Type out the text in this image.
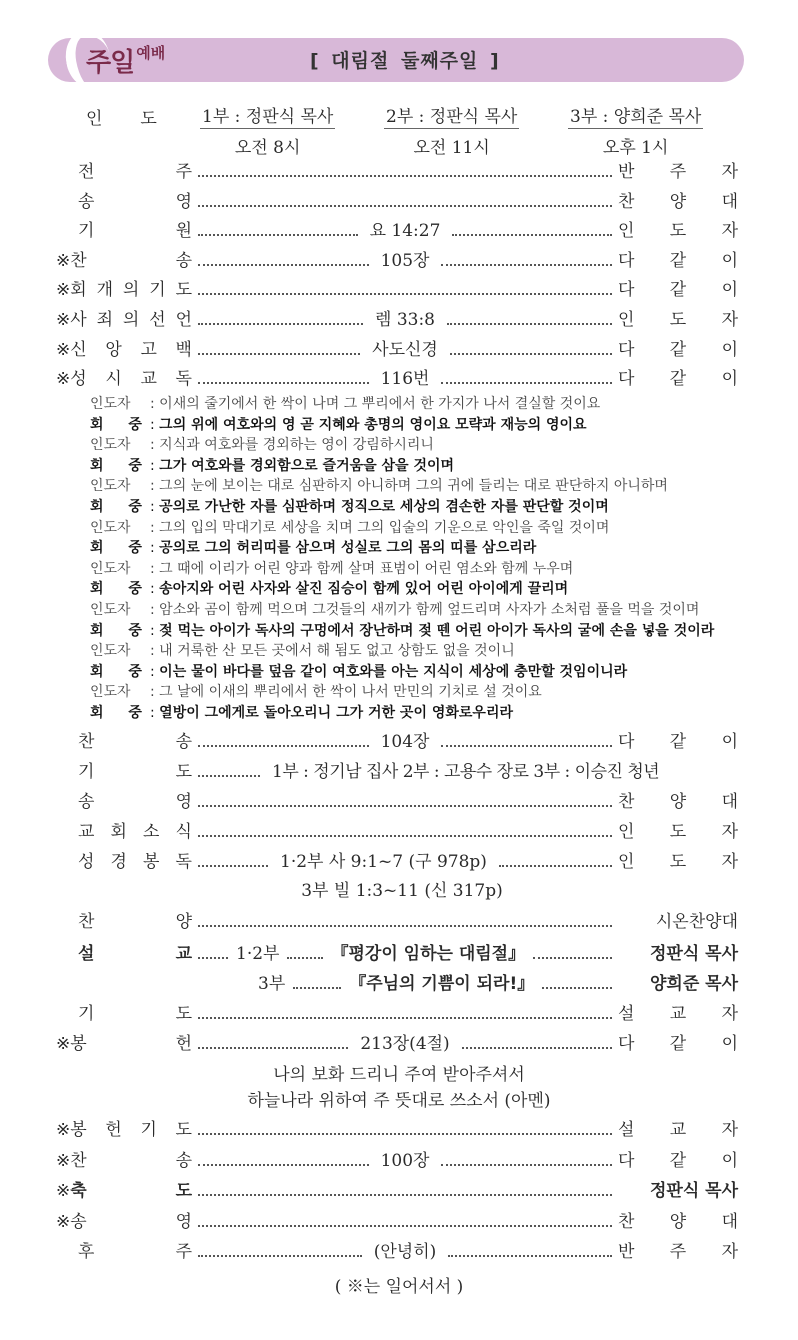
주일 예배	[ 대림절 둘째주일 ]
인도 1부 : 정판식 목사
오전 8시
2부 : 정판식 목사
오전 11시
3부 : 양희준 목사
오후 1시
전	주	반 주 자
송	영	찬 양 대
기	원	요 14:27	인 도 자
※찬	송	105장	다 같 이
※회 개 의 기 도	다 같 이
※사 죄 의 선 언	렘 33:8	인 도 자
※신 앙 고 백	사도신경	다 같 이
※성 시 교 독	116번	다 같 이
인도자 : 이새의 줄기에서 한 싹이 나며 그 뿌리에서 한 가지가 나서 결실할 것이요
회 중: 그의 위에 여호와의 영 곧 지혜와 총명의 영이요 모략과 재능의 영이요
인도자 : 지식과 여호와를 경외하는 영이 강림하시리니
회 중: 그가 여호와를 경외함으로 즐거움을 삼을 것이며
인도자 : 그의 눈에 보이는 대로 심판하지 아니하며 그의 귀에 들리는 대로 판단하지 아니하며
회 중: 공의로 가난한 자를 심판하며 정직으로 세상의 겸손한 자를 판단할 것이며
인도자 : 그의 입의 막대기로 세상을 치며 그의 입술의 기운으로 악인을 죽일 것이며
회 중: 공의로 그의 허리띠를 삼으며 성실로 그의 몸의 띠를 삼으리라
인도자 : 그 때에 이리가 어린 양과 함께 살며 표범이 어린 염소와 함께 누우며
회 중: 송아지와 어린 사자와 살진 짐승이 함께 있어 어린 아이에게 끌리며
인도자 : 암소와 곰이 함께 먹으며 그것들의 새끼가 함께 엎드리며 사자가 소처럼 풀을 먹을 것이며
회 중: 젖 먹는 아이가 독사의 구멍에서 장난하며 젖 뗀 어린 아이가 독사의 굴에 손을 넣을 것이라
인도자 : 내 거룩한 산 모든 곳에서 해 됨도 없고 상함도 없을 것이니
회 중: 이는 물이 바다를 덮음 같이 여호와를 아는 지식이 세상에 충만할 것임이니라
인도자 : 그 날에 이새의 뿌리에서 한 싹이 나서 만민의 기치로 설 것이요
회 중: 열방이 그에게로 돌아오리니 그가 거한 곳이 영화로우리라
찬	송	104장	다 같 이
기	도	1부 : 정기남 집사 2부 : 고용수 장로 3부 : 이승진 청년
송	영	찬 양 대
교 회 소 식	인 도 자
성 경 봉 독	1·2부 사 9:1~7 (구 978p)	인 도 자
3부 빌 1:3~11 (신 317p)
찬	양	시온찬양대
설	교	1·2부	『평강이 임하는 대림절』	정판식 목사
3부	『주님의 기쁨이 되라!』	양희준 목사
기	도	설 교 자
※봉	헌	213장(4절)	다 같 이
나의 보화 드리니 주여 받아주셔서
하늘나라 위하여 주 뜻대로 쓰소서 (아멘)
※봉 헌 기 도	설 교 자
※찬	송	100장	다 같 이
※축	도	정판식 목사
※송	영	찬 양 대
후	주	(안녕히)	반 주 자
( ※는 일어서서 )
